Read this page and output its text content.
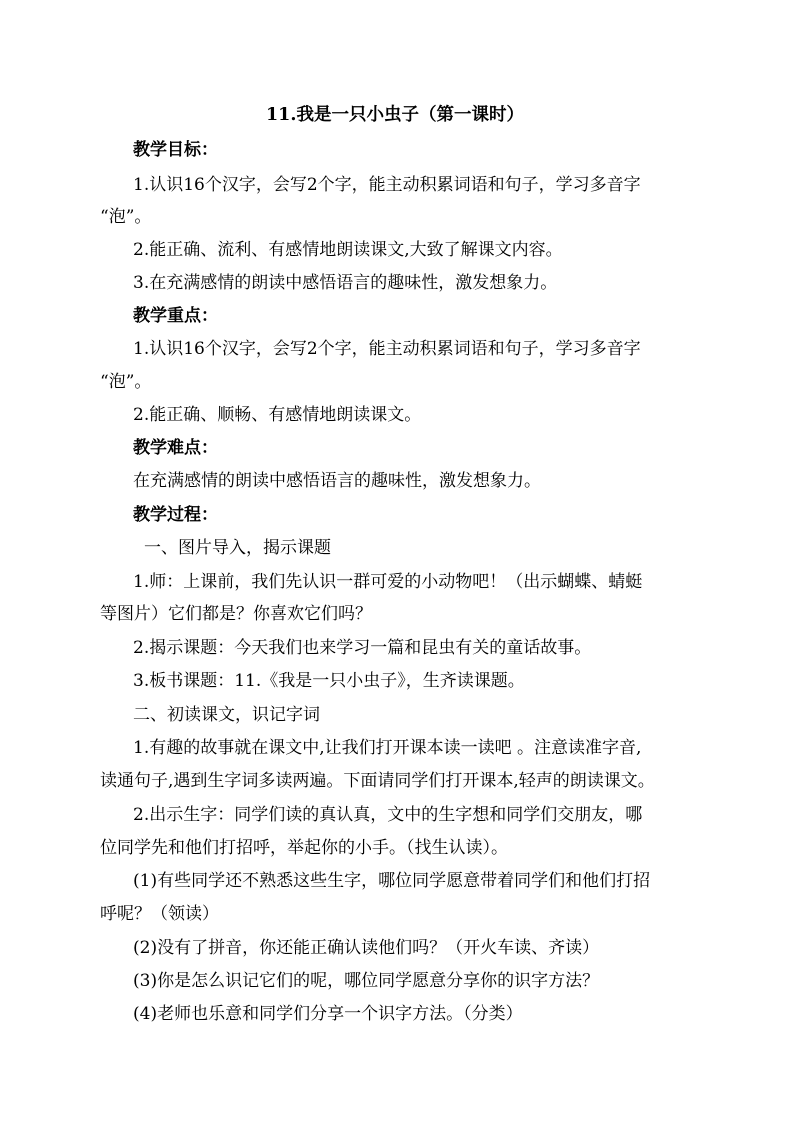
11.我是一只小虫子（第一课时）
教学目标：
1.认识16个汉字，会写2个字，能主动积累词语和句子，学习多音字
“泡”。
2.能正确、流利、有感情地朗读课文,大致了解课文内容。
3.在充满感情的朗读中感悟语言的趣味性，激发想象力。
教学重点：
1.认识16个汉字，会写2个字，能主动积累词语和句子，学习多音字
“泡”。
2.能正确、顺畅、有感情地朗读课文。
教学难点：
在充满感情的朗读中感悟语言的趣味性，激发想象力。
教学过程：
一、图片导入，揭示课题
1.师：上课前，我们先认识一群可爱的小动物吧！（出示蝴蝶、蜻蜓
等图片）它们都是？你喜欢它们吗？
2.揭示课题：今天我们也来学习一篇和昆虫有关的童话故事。
3.板书课题：11.《我是一只小虫子》，生齐读课题。
二、初读课文，识记字词
1.有趣的故事就在课文中,让我们打开课本读一读吧 。注意读准字音,
读通句子,遇到生字词多读两遍。下面请同学们打开课本,轻声的朗读课文。
2.出示生字：同学们读的真认真，文中的生字想和同学们交朋友，哪
位同学先和他们打招呼，举起你的小手。（找生认读）。
(1)有些同学还不熟悉这些生字，哪位同学愿意带着同学们和他们打招
呼呢？（领读）
(2)没有了拼音，你还能正确认读他们吗？（开火车读、齐读）
(3)你是怎么识记它们的呢，哪位同学愿意分享你的识字方法？
(4)老师也乐意和同学们分享一个识字方法。（分类）
